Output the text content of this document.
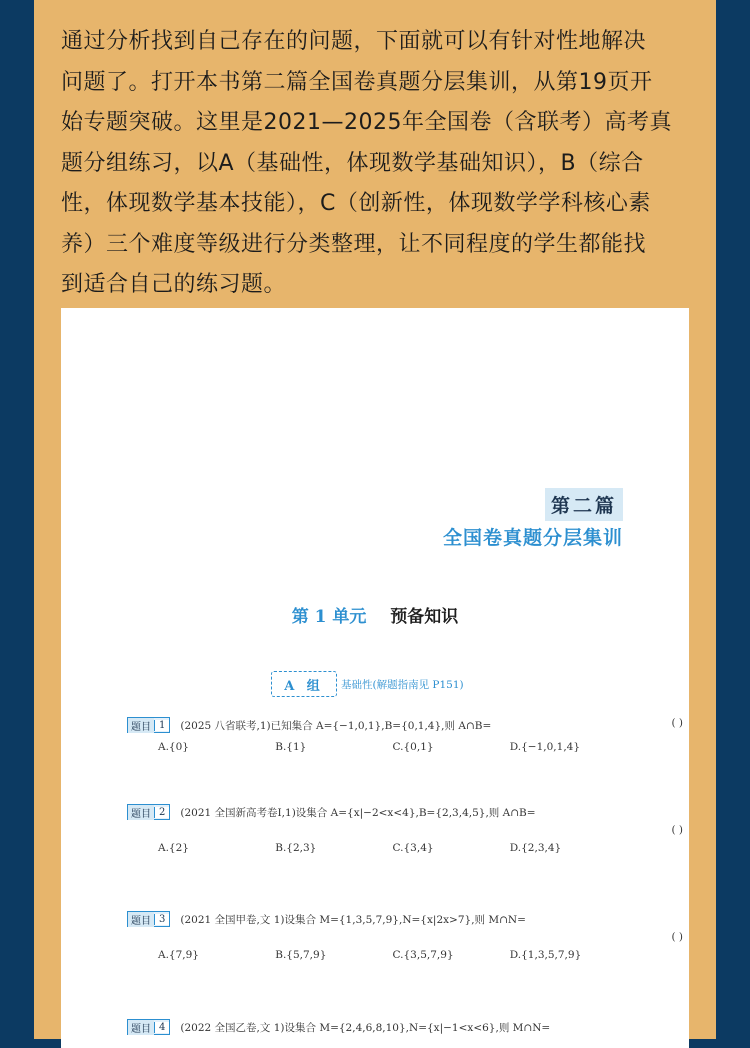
通过分析找到自己存在的问题，下面就可以有针对性地解决
问题了。打开本书第二篇全国卷真题分层集训，从第19页开
始专题突破。这里是2021—2025年全国卷（含联考）高考真
题分组练习，以A（基础性，体现数学基础知识），B（综合
性，体现数学基本技能），C（创新性，体现数学学科核心素
养）三个难度等级进行分类整理，让不同程度的学生都能找
到适合自己的练习题。
第二篇
全国卷真题分层集训
第 1 单元 预备知识
A 组	基础性(解题指南见 P151)
题目 1	(2025 八省联考,1)已知集合 A={−1,0,1},B={0,1,4},则 A∩B=	( )
A.{0}	B.{1}	C.{0,1}	D.{−1,0,1,4}
题目 2	(2021 全国新高考卷Ⅰ,1)设集合 A={x|−2<x<4},B={2,3,4,5},则 A∩B=
( )
A.{2}	B.{2,3}	C.{3,4}	D.{2,3,4}
题目 3	(2021 全国甲卷,文 1)设集合 M={1,3,5,7,9},N={x|2x>7},则 M∩N=
( )
A.{7,9}	B.{5,7,9}	C.{3,5,7,9}	D.{1,3,5,7,9}
题目 4	(2022 全国乙卷,文 1)设集合 M={2,4,6,8,10},N={x|−1<x<6},则 M∩N=
